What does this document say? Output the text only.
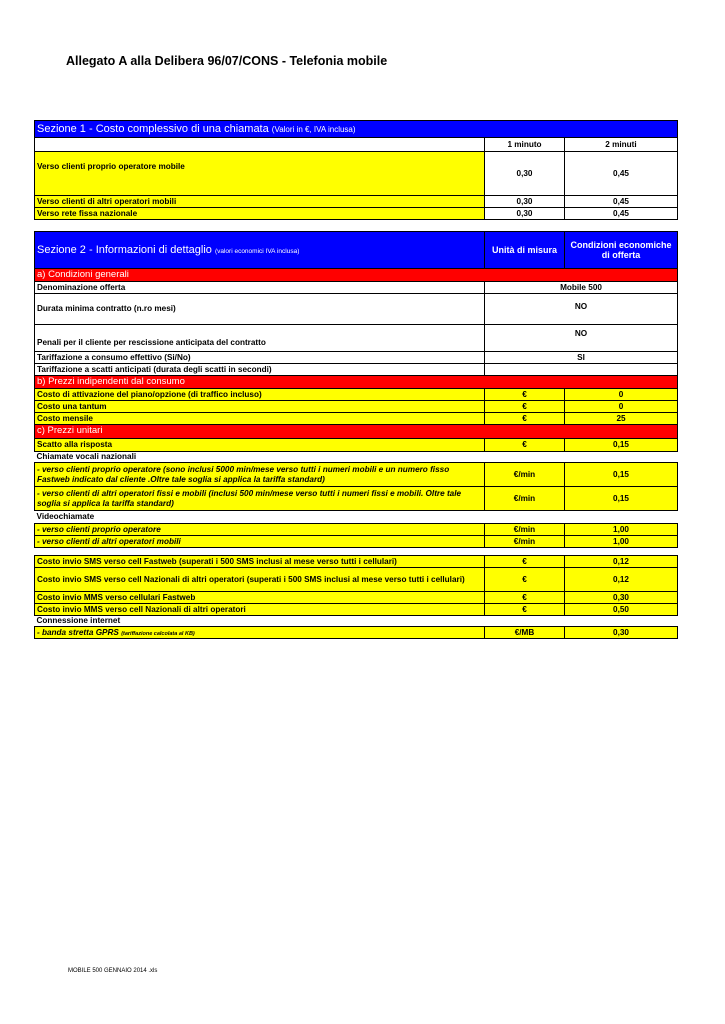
Allegato A alla Delibera 96/07/CONS - Telefonia mobile
Sezione 1 - Costo complessivo di una chiamata (Valori in €, IVA inclusa)		
	1 minuto	2 minuti
Verso clienti proprio operatore mobile	0,30	0,45
Verso clienti di altri operatori mobili	0,30	0,45
Verso rete fissa nazionale	0,30	0,45
Sezione 2 - Informazioni di dettaglio (valori economici IVA inclusa)	Unità di misura	Condizioni economiche di offerta
a) Condizioni generali		
Denominazione offerta	Mobile 500	
Durata minima contratto (n.ro mesi)	NO	
Penali per il cliente per rescissione anticipata del contratto	NO	
Tariffazione a consumo effettivo (Si/No)	SI	
Tariffazione a scatti anticipati (durata degli scatti in secondi)		
b) Prezzi indipendenti dal consumo		
Costo di attivazione del piano/opzione (di traffico incluso)	€	0
Costo una tantum	€	0
Costo mensile	€	25
c) Prezzi unitari		
Scatto alla risposta	€	0,15
Chiamate vocali nazionali		
- verso clienti proprio operatore (sono inclusi 5000 min/mese verso tutti i numeri mobili e un numero fisso Fastweb indicato dal cliente .Oltre tale soglia si applica la tariffa standard)	€/min	0,15
- verso clienti di altri operatori fissi e mobili (inclusi 500 min/mese verso tutti i numeri fissi e mobili. Oltre tale soglia si applica la tariffa standard)	€/min	0,15
Videochiamate		
- verso clienti proprio operatore	€/min	1,00
- verso clienti di altri operatori mobili	€/min	1,00

Costo invio SMS verso cell Fastweb (superati i 500 SMS inclusi al mese verso tutti i cellulari)	€	0,12
Costo invio SMS verso cell Nazionali di altri operatori (superati i 500 SMS inclusi al mese verso tutti i cellulari)	€	0,12
Costo invio MMS verso cellulari Fastweb	€	0,30
Costo invio MMS verso cell Nazionali di altri operatori	€	0,50
Connessione internet		
- banda stretta GPRS (tariffazione calcolata al KB)	€/MB	0,30
MOBILE 500 GENNAIO 2014 .xls
